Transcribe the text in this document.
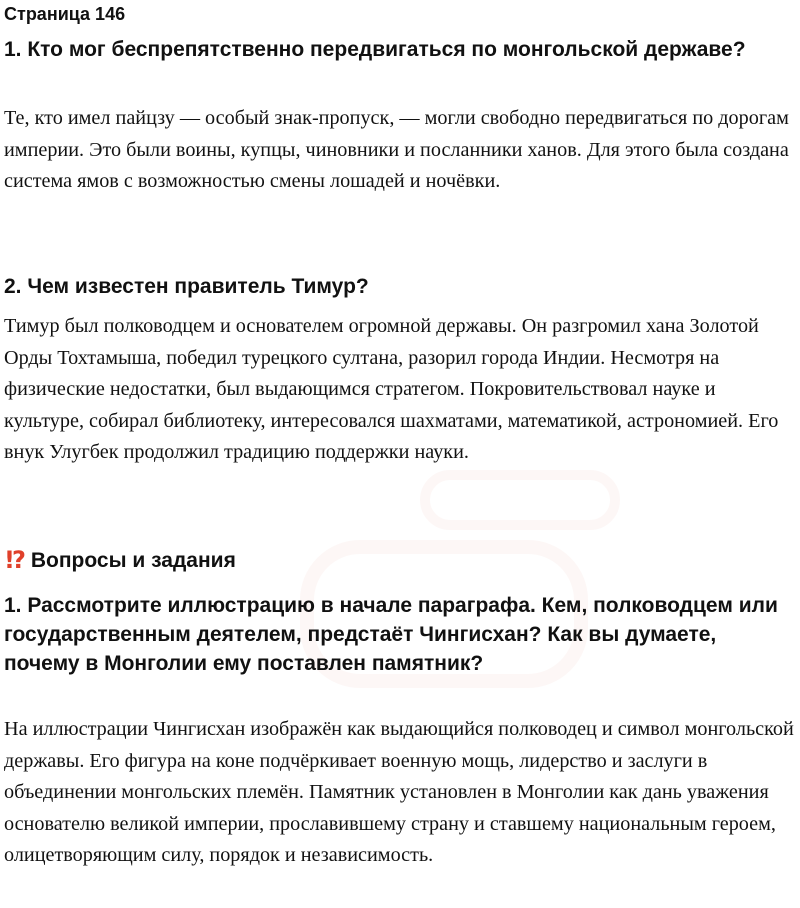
Страница 146
1. Кто мог беспрепятственно передвигаться по монгольской державе?

Те, кто имел пайцзу — особый знак-пропуск, — могли свободно передвигаться по дорогам империи. Это были воины, купцы, чиновники и посланники ханов. Для этого была создана система ямов с возможностью смены лошадей и ночёвки.

2. Чем известен правитель Тимур?

Тимур был полководцем и основателем огромной державы. Он разгромил хана Золотой Орды Тохтамыша, победил турецкого султана, разорил города Индии. Несмотря на физические недостатки, был выдающимся стратегом. Покровительствовал науке и культуре, собирал библиотеку, интересовался шахматами, математикой, астрономией. Его внук Улугбек продолжил традицию поддержки науки.

!? Вопросы и задания
1. Рассмотрите иллюстрацию в начале параграфа. Кем, полководцем или государственным деятелем, предстаёт Чингисхан? Как вы думаете, почему в Монголии ему поставлен памятник?

На иллюстрации Чингисхан изображён как выдающийся полководец и символ монгольской державы. Его фигура на коне подчёркивает военную мощь, лидерство и заслуги в объединении монгольских племён. Памятник установлен в Монголии как дань уважения основателю великой империи, прославившему страну и ставшему национальным героем, олицетворяющим силу, порядок и независимость.
